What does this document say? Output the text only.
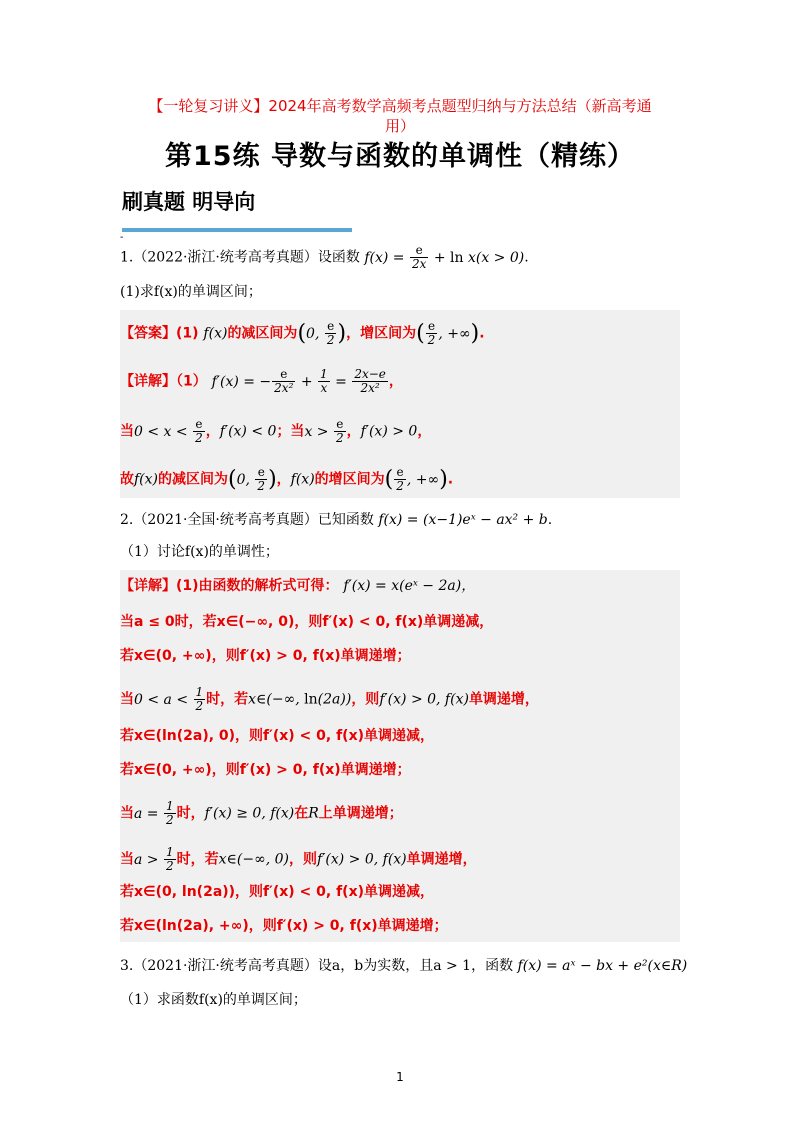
【一轮复习讲义】2024年高考数学高频考点题型归纳与方法总结（新高考通
用）
第15练 导数与函数的单调性（精练）
刷真题 明导向
-
1.（2022·浙江·统考高考真题）设函数 $f(x) = \frac{e}{2x} + \ln x(x > 0)$.
(1)求f(x)的单调区间；
【答案】(1) f(x)的减区间为(0, $\frac{e}{2}$ )，增区间为( $\frac{e}{2}$ , +∞).
【详解】（1） f′(x) = − $\frac{e}{\text{2x²}} + \frac{1}{x} = \frac{2x-e}{\text{2x²}}$ ，
当$0 < x < \frac{e}{2}$ ，f′(x) < 0；当$x > \frac{e}{2}$ ，f′(x) > 0，
故f(x)的减区间为(0, $\frac{e}{2}$ )，f(x)的增区间为( $\frac{e}{2}$ , +∞).
2.（2021·全国·统考高考真题）已知函数 f(x) = (x−1)eˣ − ax² + b.
（1）讨论f(x)的单调性；
【详解】(1)由函数的解析式可得： f′(x) = x(eˣ − 2a)，
当a ≤ 0时，若x∈(−∞, 0)，则f′(x) < 0, f(x)单调递减，
若x∈(0, +∞)，则f′(x) > 0, f(x)单调递增；
当$0 < a < \frac{1}{2}$ 时，若x∈(−∞, ln(2a))，则f′(x) > 0, f(x)单调递增，
若x∈(ln(2a), 0)，则f′(x) < 0, f(x)单调递减，
若x∈(0, +∞)，则f′(x) > 0, f(x)单调递增；
当$a = \frac{1}{2}$ 时，f′(x) ≥ 0, f(x)在R上单调递增；
当$a > \frac{1}{2}$ 时，若x∈(−∞, 0)，则f′(x) > 0, f(x)单调递增，
若x∈(0, ln(2a))，则f′(x) < 0, f(x)单调递减，
若x∈(ln(2a), +∞)，则f′(x) > 0, f(x)单调递增；
3.（2021·浙江·统考高考真题）设a，b为实数，且a > 1，函数 f(x) = aˣ − bx + e²(x∈R)
（1）求函数f(x)的单调区间；
1
